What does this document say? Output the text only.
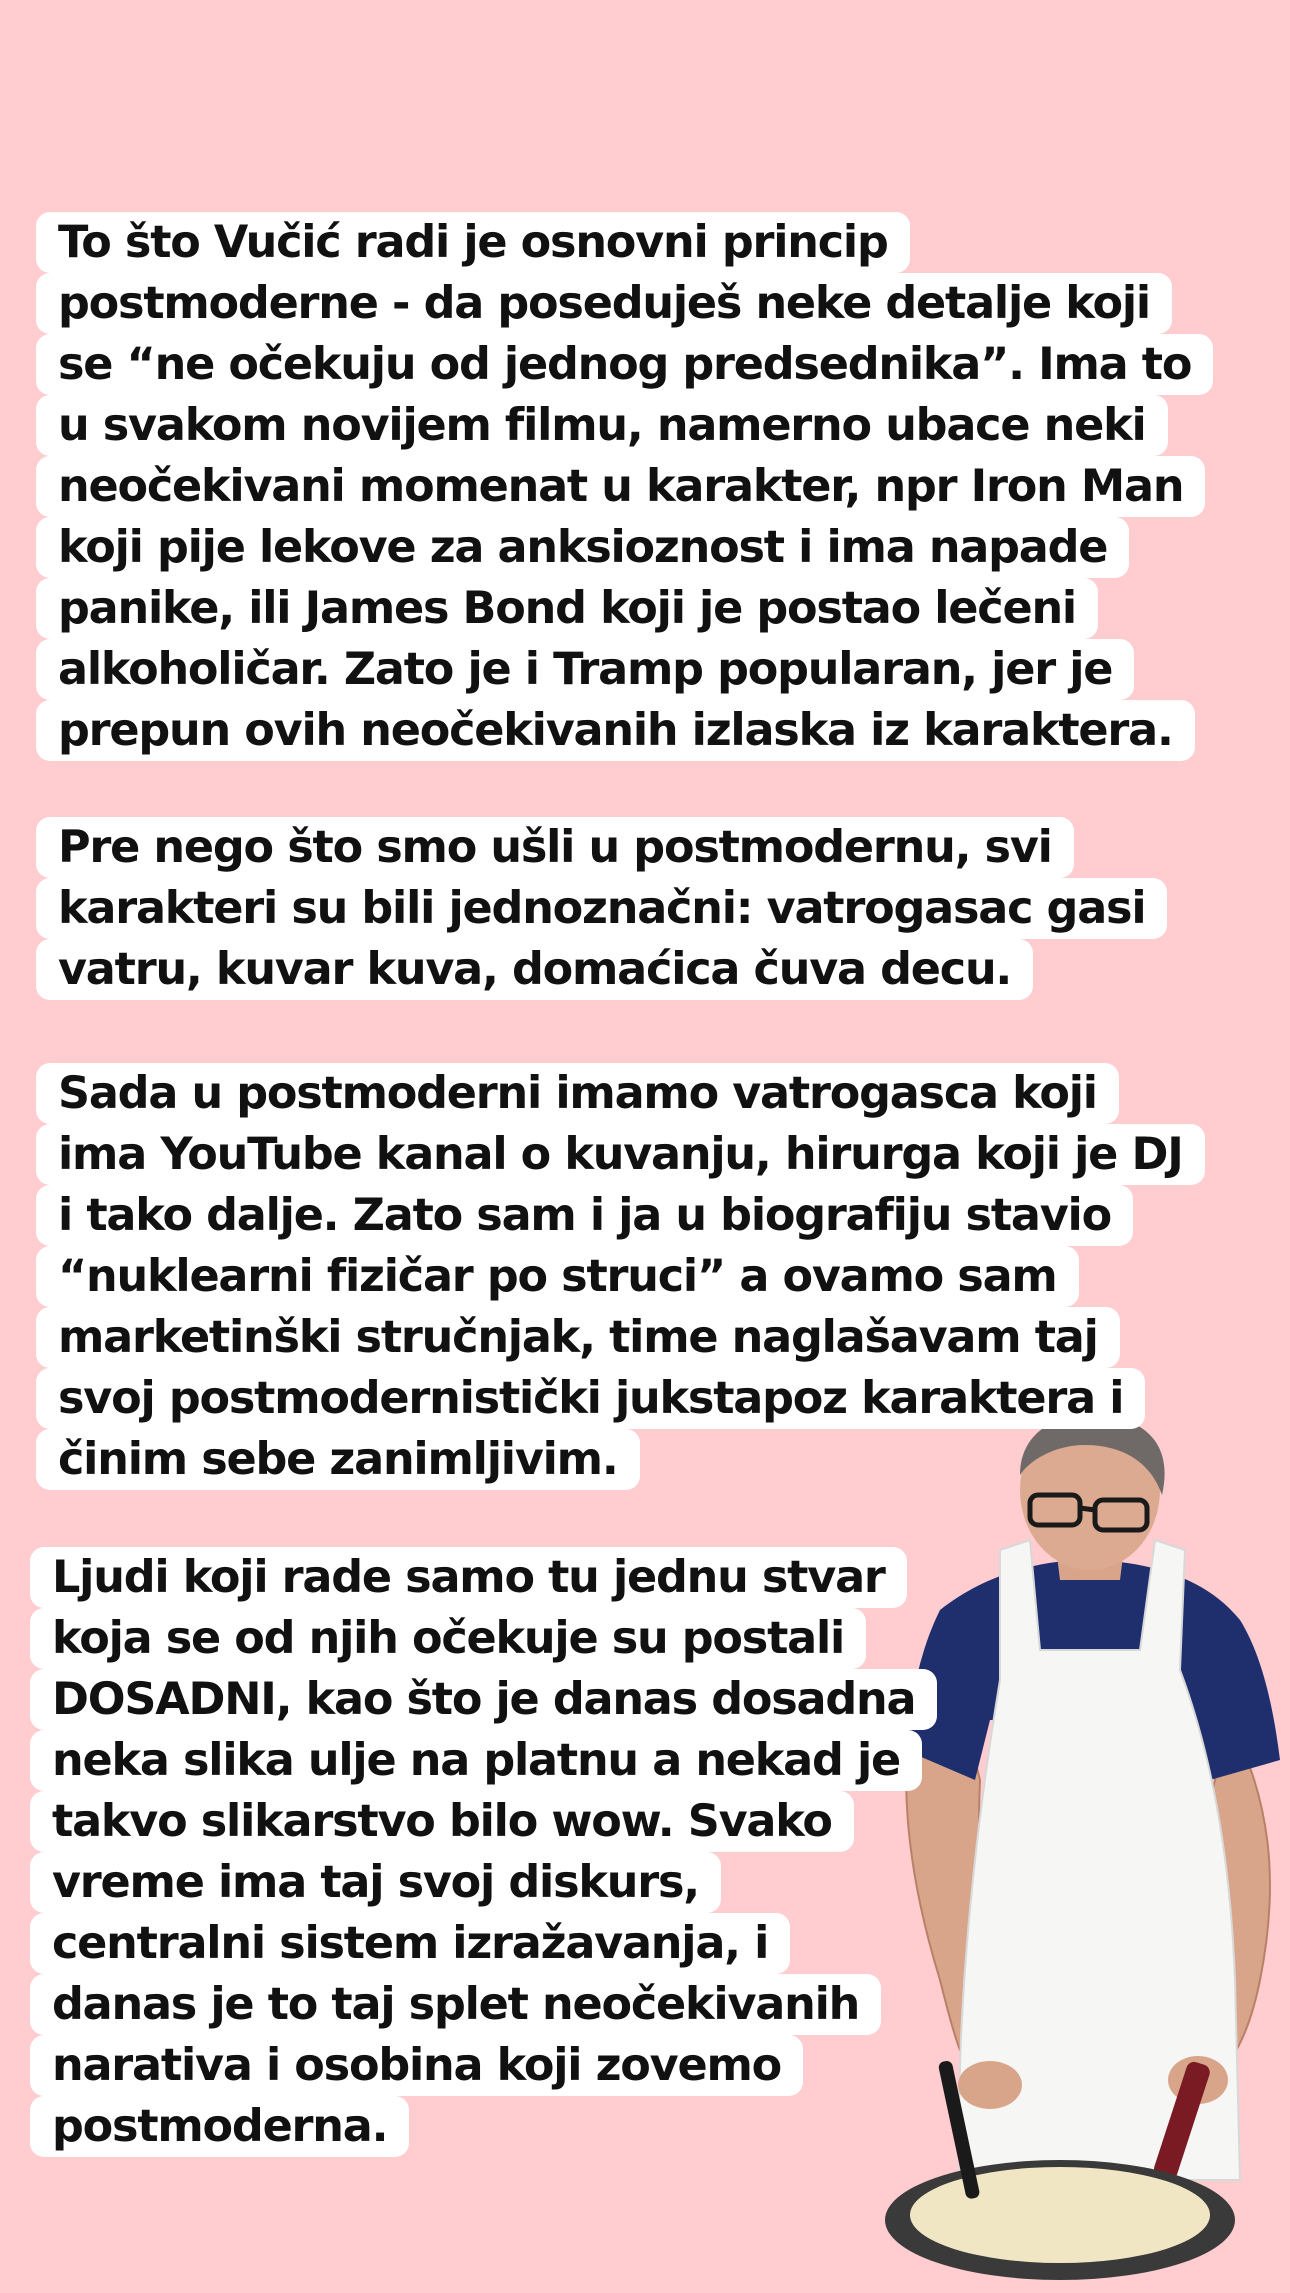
To što Vučić radi je osnovni princip
postmoderne - da poseduješ neke detalje koji
se “ne očekuju od jednog predsednika”. Ima to
u svakom novijem filmu, namerno ubace neki
neočekivani momenat u karakter, npr Iron Man
koji pije lekove za anksioznost i ima napade
panike, ili James Bond koji je postao lečeni
alkoholičar. Zato je i Tramp popularan, jer je
prepun ovih neočekivanih izlaska iz karaktera.
Pre nego što smo ušli u postmodernu, svi
karakteri su bili jednoznačni: vatrogasac gasi
vatru, kuvar kuva, domaćica čuva decu.
Sada u postmoderni imamo vatrogasca koji
ima YouTube kanal o kuvanju, hirurga koji je DJ
i tako dalje. Zato sam i ja u biografiju stavio
“nuklearni fizičar po struci” a ovamo sam
marketinški stručnjak, time naglašavam taj
svoj postmodernistički jukstapoz karaktera i
činim sebe zanimljivim.
Ljudi koji rade samo tu jednu stvar
koja se od njih očekuje su postali
DOSADNI, kao što je danas dosadna
neka slika ulje na platnu a nekad je
takvo slikarstvo bilo wow. Svako
vreme ima taj svoj diskurs,
centralni sistem izražavanja, i
danas je to taj splet neočekivanih
narativa i osobina koji zovemo
postmoderna.
